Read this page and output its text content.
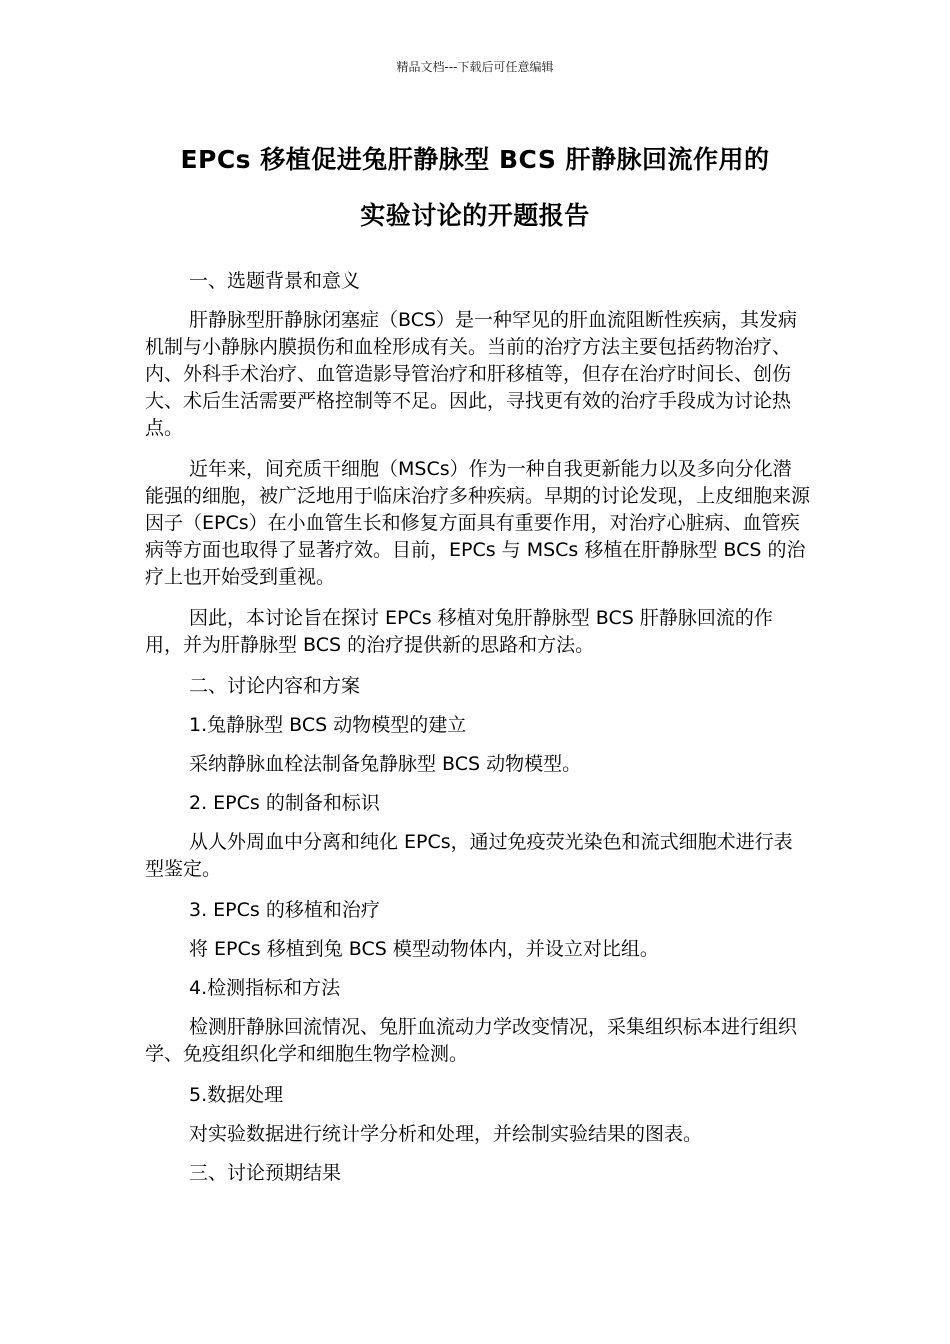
精品文档---下载后可任意编辑
EPCs 移植促进兔肝静脉型 BCS 肝静脉回流作用的
实验讨论的开题报告

一、选题背景和意义

肝静脉型肝静脉闭塞症（BCS）是一种罕见的肝血流阻断性疾病，其发病机制与小静脉内膜损伤和血栓形成有关。当前的治疗方法主要包括药物治疗、内、外科手术治疗、血管造影导管治疗和肝移植等，但存在治疗时间长、创伤大、术后生活需要严格控制等不足。因此，寻找更有效的治疗手段成为讨论热点。

近年来，间充质干细胞（MSCs）作为一种自我更新能力以及多向分化潜能强的细胞，被广泛地用于临床治疗多种疾病。早期的讨论发现，上皮细胞来源因子（EPCs）在小血管生长和修复方面具有重要作用，对治疗心脏病、血管疾病等方面也取得了显著疗效。目前，EPCs 与 MSCs 移植在肝静脉型 BCS 的治疗上也开始受到重视。

因此，本讨论旨在探讨 EPCs 移植对兔肝静脉型 BCS 肝静脉回流的作用，并为肝静脉型 BCS 的治疗提供新的思路和方法。

二、讨论内容和方案

1.兔静脉型 BCS 动物模型的建立

采纳静脉血栓法制备兔静脉型 BCS 动物模型。

2. EPCs 的制备和标识

从人外周血中分离和纯化 EPCs，通过免疫荧光染色和流式细胞术进行表型鉴定。

3. EPCs 的移植和治疗

将 EPCs 移植到兔 BCS 模型动物体内，并设立对比组。

4.检测指标和方法

检测肝静脉回流情况、兔肝血流动力学改变情况，采集组织标本进行组织学、免疫组织化学和细胞生物学检测。

5.数据处理

对实验数据进行统计学分析和处理，并绘制实验结果的图表。

三、讨论预期结果
